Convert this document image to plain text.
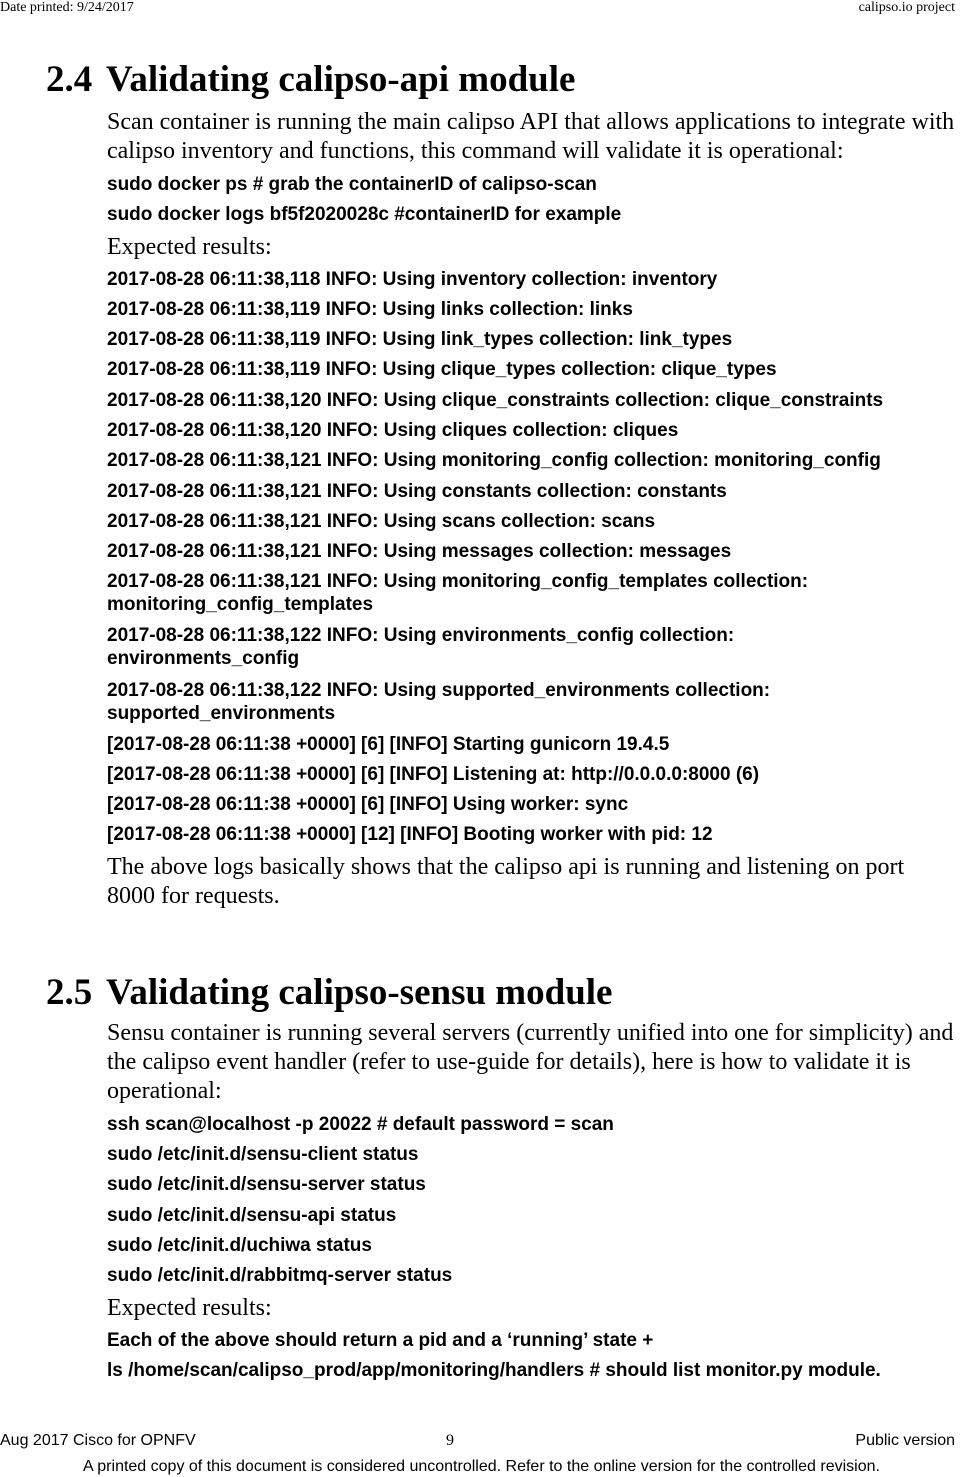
Date printed: 9/24/2017	calipso.io project
2.4 Validating calipso-api module
Scan container is running the main calipso API that allows applications to integrate with calipso inventory and functions, this command will validate it is operational:
sudo docker ps # grab the containerID of calipso-scan
sudo docker logs bf5f2020028c #containerID for example
Expected results:
2017-08-28 06:11:38,118 INFO: Using inventory collection: inventory
2017-08-28 06:11:38,119 INFO: Using links collection: links
2017-08-28 06:11:38,119 INFO: Using link_types collection: link_types
2017-08-28 06:11:38,119 INFO: Using clique_types collection: clique_types
2017-08-28 06:11:38,120 INFO: Using clique_constraints collection: clique_constraints
2017-08-28 06:11:38,120 INFO: Using cliques collection: cliques
2017-08-28 06:11:38,121 INFO: Using monitoring_config collection: monitoring_config
2017-08-28 06:11:38,121 INFO: Using constants collection: constants
2017-08-28 06:11:38,121 INFO: Using scans collection: scans
2017-08-28 06:11:38,121 INFO: Using messages collection: messages
2017-08-28 06:11:38,121 INFO: Using monitoring_config_templates collection: monitoring_config_templates
2017-08-28 06:11:38,122 INFO: Using environments_config collection: environments_config
2017-08-28 06:11:38,122 INFO: Using supported_environments collection: supported_environments
[2017-08-28 06:11:38 +0000] [6] [INFO] Starting gunicorn 19.4.5
[2017-08-28 06:11:38 +0000] [6] [INFO] Listening at: http://0.0.0.0:8000 (6)
[2017-08-28 06:11:38 +0000] [6] [INFO] Using worker: sync
[2017-08-28 06:11:38 +0000] [12] [INFO] Booting worker with pid: 12
The above logs basically shows that the calipso api is running and listening on port 8000 for requests.
2.5 Validating calipso-sensu module
Sensu container is running several servers (currently unified into one for simplicity) and the calipso event handler (refer to use-guide for details), here is how to validate it is operational:
ssh scan@localhost -p 20022 # default password = scan
sudo /etc/init.d/sensu-client status
sudo /etc/init.d/sensu-server status
sudo /etc/init.d/sensu-api status
sudo /etc/init.d/uchiwa status
sudo /etc/init.d/rabbitmq-server status
Expected results:
Each of the above should return a pid and a ‘running’ state +
ls /home/scan/calipso_prod/app/monitoring/handlers # should list monitor.py module.
Aug 2017 Cisco for OPNFV	9	Public version
A printed copy of this document is considered uncontrolled. Refer to the online version for the controlled revision.
